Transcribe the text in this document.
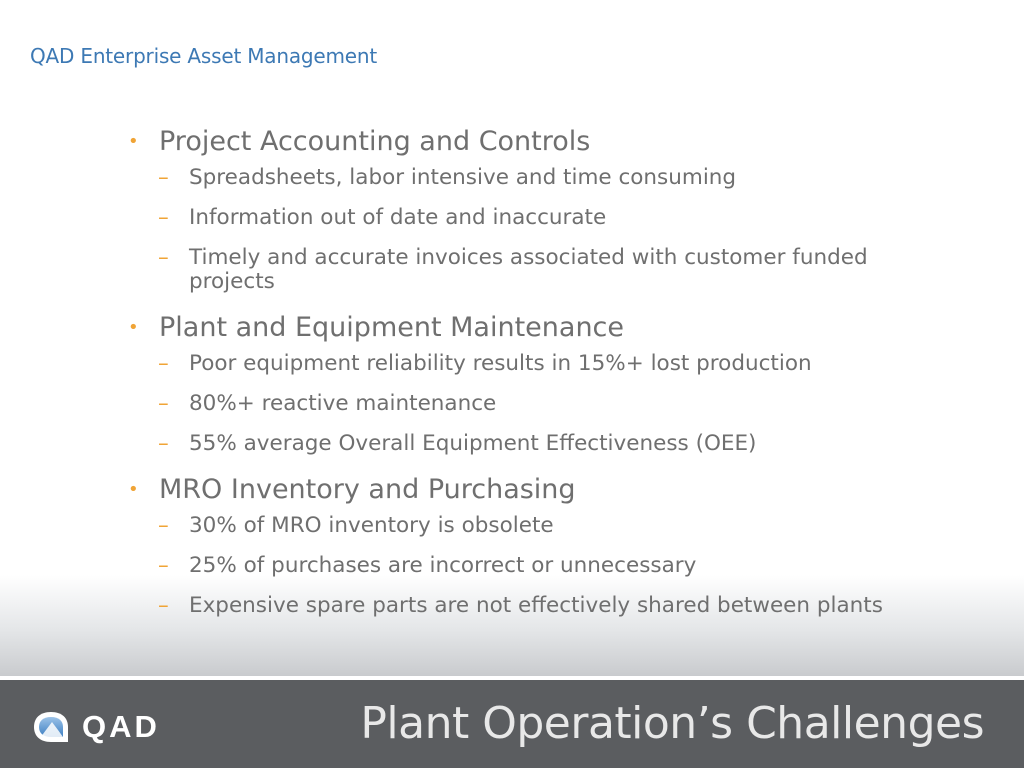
QAD Enterprise Asset Management
• Project Accounting and Controls
– Spreadsheets, labor intensive and time consuming
– Information out of date and inaccurate
– Timely and accurate invoices associated with customer funded projects
• Plant and Equipment Maintenance
– Poor equipment reliability results in 15%+ lost production
– 80%+ reactive maintenance
– 55% average Overall Equipment Effectiveness (OEE)
• MRO Inventory and Purchasing
– 30% of MRO inventory is obsolete
– 25% of purchases are incorrect or unnecessary
– Expensive spare parts are not effectively shared between plants
QAD	Plant Operation’s Challenges
